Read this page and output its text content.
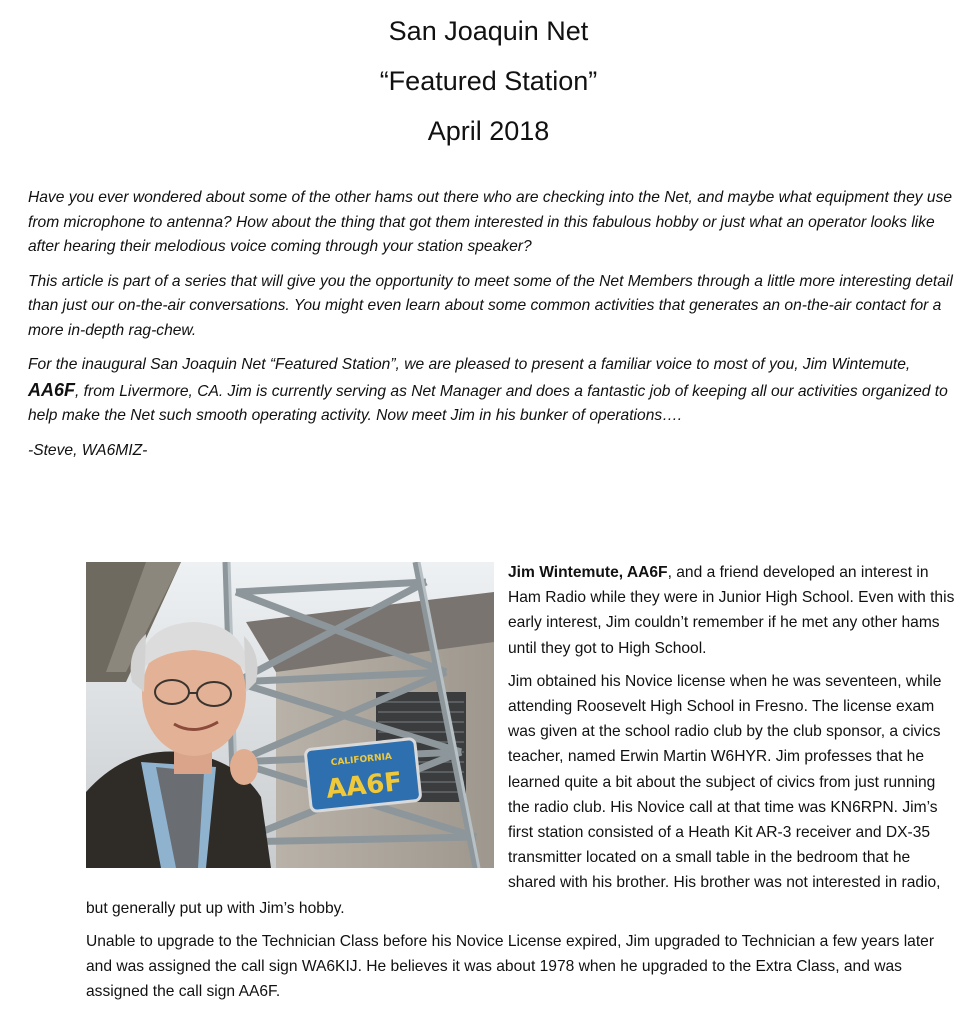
San Joaquin Net
“Featured Station”
April 2018

Have you ever wondered about some of the other hams out there who are checking into the Net, and maybe what equipment they use from microphone to antenna? How about the thing that got them interested in this fabulous hobby or just what an operator looks like after hearing their melodious voice coming through your station speaker?

This article is part of a series that will give you the opportunity to meet some of the Net Members through a little more interesting detail than just our on-the-air conversations. You might even learn about some common activities that generates an on-the-air contact for a more in-depth rag-chew.

For the inaugural San Joaquin Net “Featured Station”, we are pleased to present a familiar voice to most of you, Jim Wintemute, AA6F, from Livermore, CA. Jim is currently serving as Net Manager and does a fantastic job of keeping all our activities organized to help make the Net such smooth operating activity. Now meet Jim in his bunker of operations….

-Steve, WA6MIZ-
CALIFORNIA
AA6F

Jim Wintemute, AA6F, and a friend developed an interest in Ham Radio while they were in Junior High School. Even with this early interest, Jim couldn’t remember if he met any other hams until they got to High School.

Jim obtained his Novice license when he was seventeen, while attending Roosevelt High School in Fresno. The license exam was given at the school radio club by the club sponsor, a civics teacher, named Erwin Martin W6HYR. Jim professes that he learned quite a bit about the subject of civics from just running the radio club. His Novice call at that time was KN6RPN. Jim’s first station consisted of a Heath Kit AR-3 receiver and DX-35 transmitter located on a small table in the bedroom that he shared with his brother. His brother was not interested in radio, but generally put up with Jim’s hobby.

Unable to upgrade to the Technician Class before his Novice License expired, Jim upgraded to Technician a few years later and was assigned the call sign WA6KIJ. He believes it was about 1978 when he upgraded to the Extra Class, and was assigned the call sign AA6F.
